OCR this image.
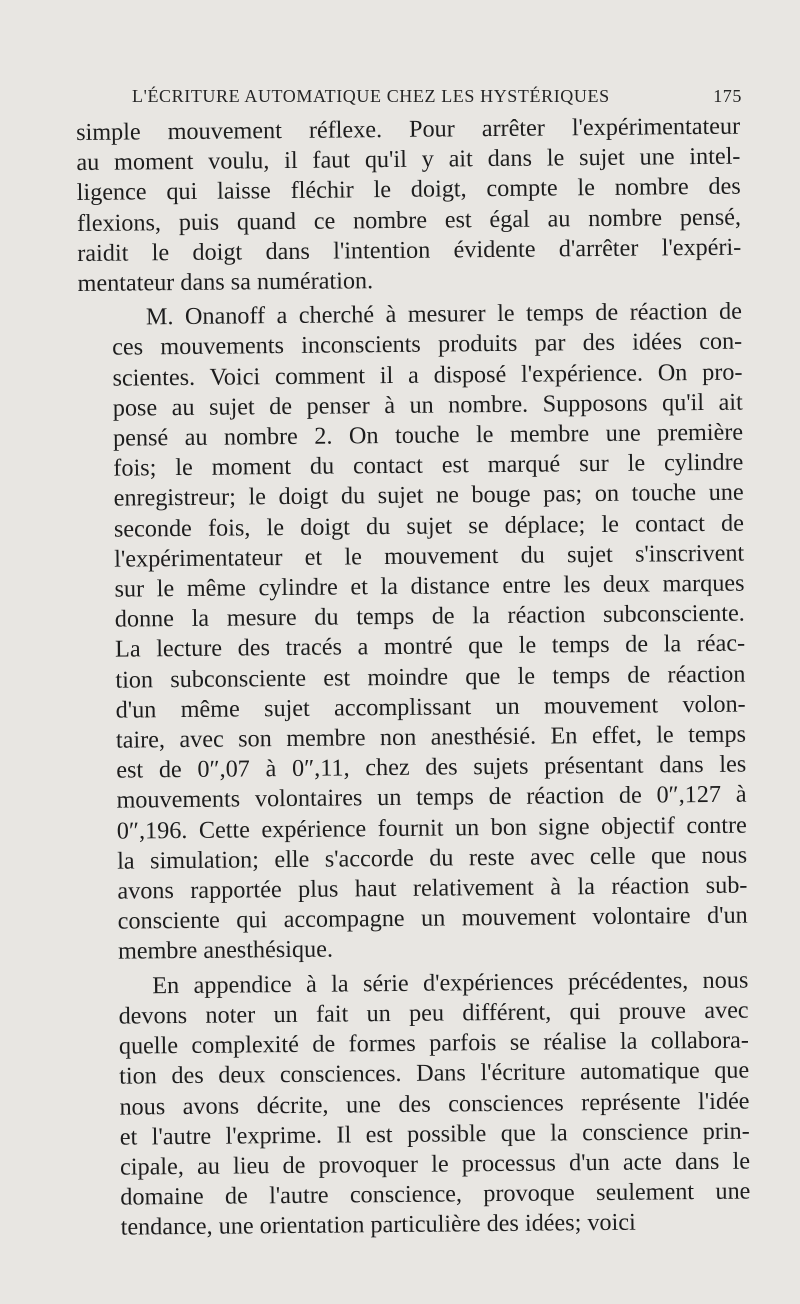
L'ÉCRITURE AUTOMATIQUE CHEZ LES HYSTÉRIQUES	175

simple mouvement réflexe. Pour arrêter l'expérimentateur
au moment voulu, il faut qu'il y ait dans le sujet une intel-
ligence qui laisse fléchir le doigt, compte le nombre des
flexions, puis quand ce nombre est égal au nombre pensé,
raidit le doigt dans l'intention évidente d'arrêter l'expéri-
mentateur dans sa numération.

M. Onanoff a cherché à mesurer le temps de réaction de
ces mouvements inconscients produits par des idées con-
scientes. Voici comment il a disposé l'expérience. On pro-
pose au sujet de penser à un nombre. Supposons qu'il ait
pensé au nombre 2. On touche le membre une première
fois; le moment du contact est marqué sur le cylindre
enregistreur; le doigt du sujet ne bouge pas; on touche une
seconde fois, le doigt du sujet se déplace; le contact de
l'expérimentateur et le mouvement du sujet s'inscrivent
sur le même cylindre et la distance entre les deux marques
donne la mesure du temps de la réaction subconsciente.
La lecture des tracés a montré que le temps de la réac-
tion subconsciente est moindre que le temps de réaction
d'un même sujet accomplissant un mouvement volon-
taire, avec son membre non anesthésié. En effet, le temps
est de 0″,07 à 0″,11, chez des sujets présentant dans les
mouvements volontaires un temps de réaction de 0″,127 à
0″,196. Cette expérience fournit un bon signe objectif contre
la simulation; elle s'accorde du reste avec celle que nous
avons rapportée plus haut relativement à la réaction sub-
consciente qui accompagne un mouvement volontaire d'un
membre anesthésique.

En appendice à la série d'expériences précédentes, nous
devons noter un fait un peu différent, qui prouve avec
quelle complexité de formes parfois se réalise la collabora-
tion des deux consciences. Dans l'écriture automatique que
nous avons décrite, une des consciences représente l'idée
et l'autre l'exprime. Il est possible que la conscience prin-
cipale, au lieu de provoquer le processus d'un acte dans le
domaine de l'autre conscience, provoque seulement une
tendance, une orientation particulière des idées; voici
